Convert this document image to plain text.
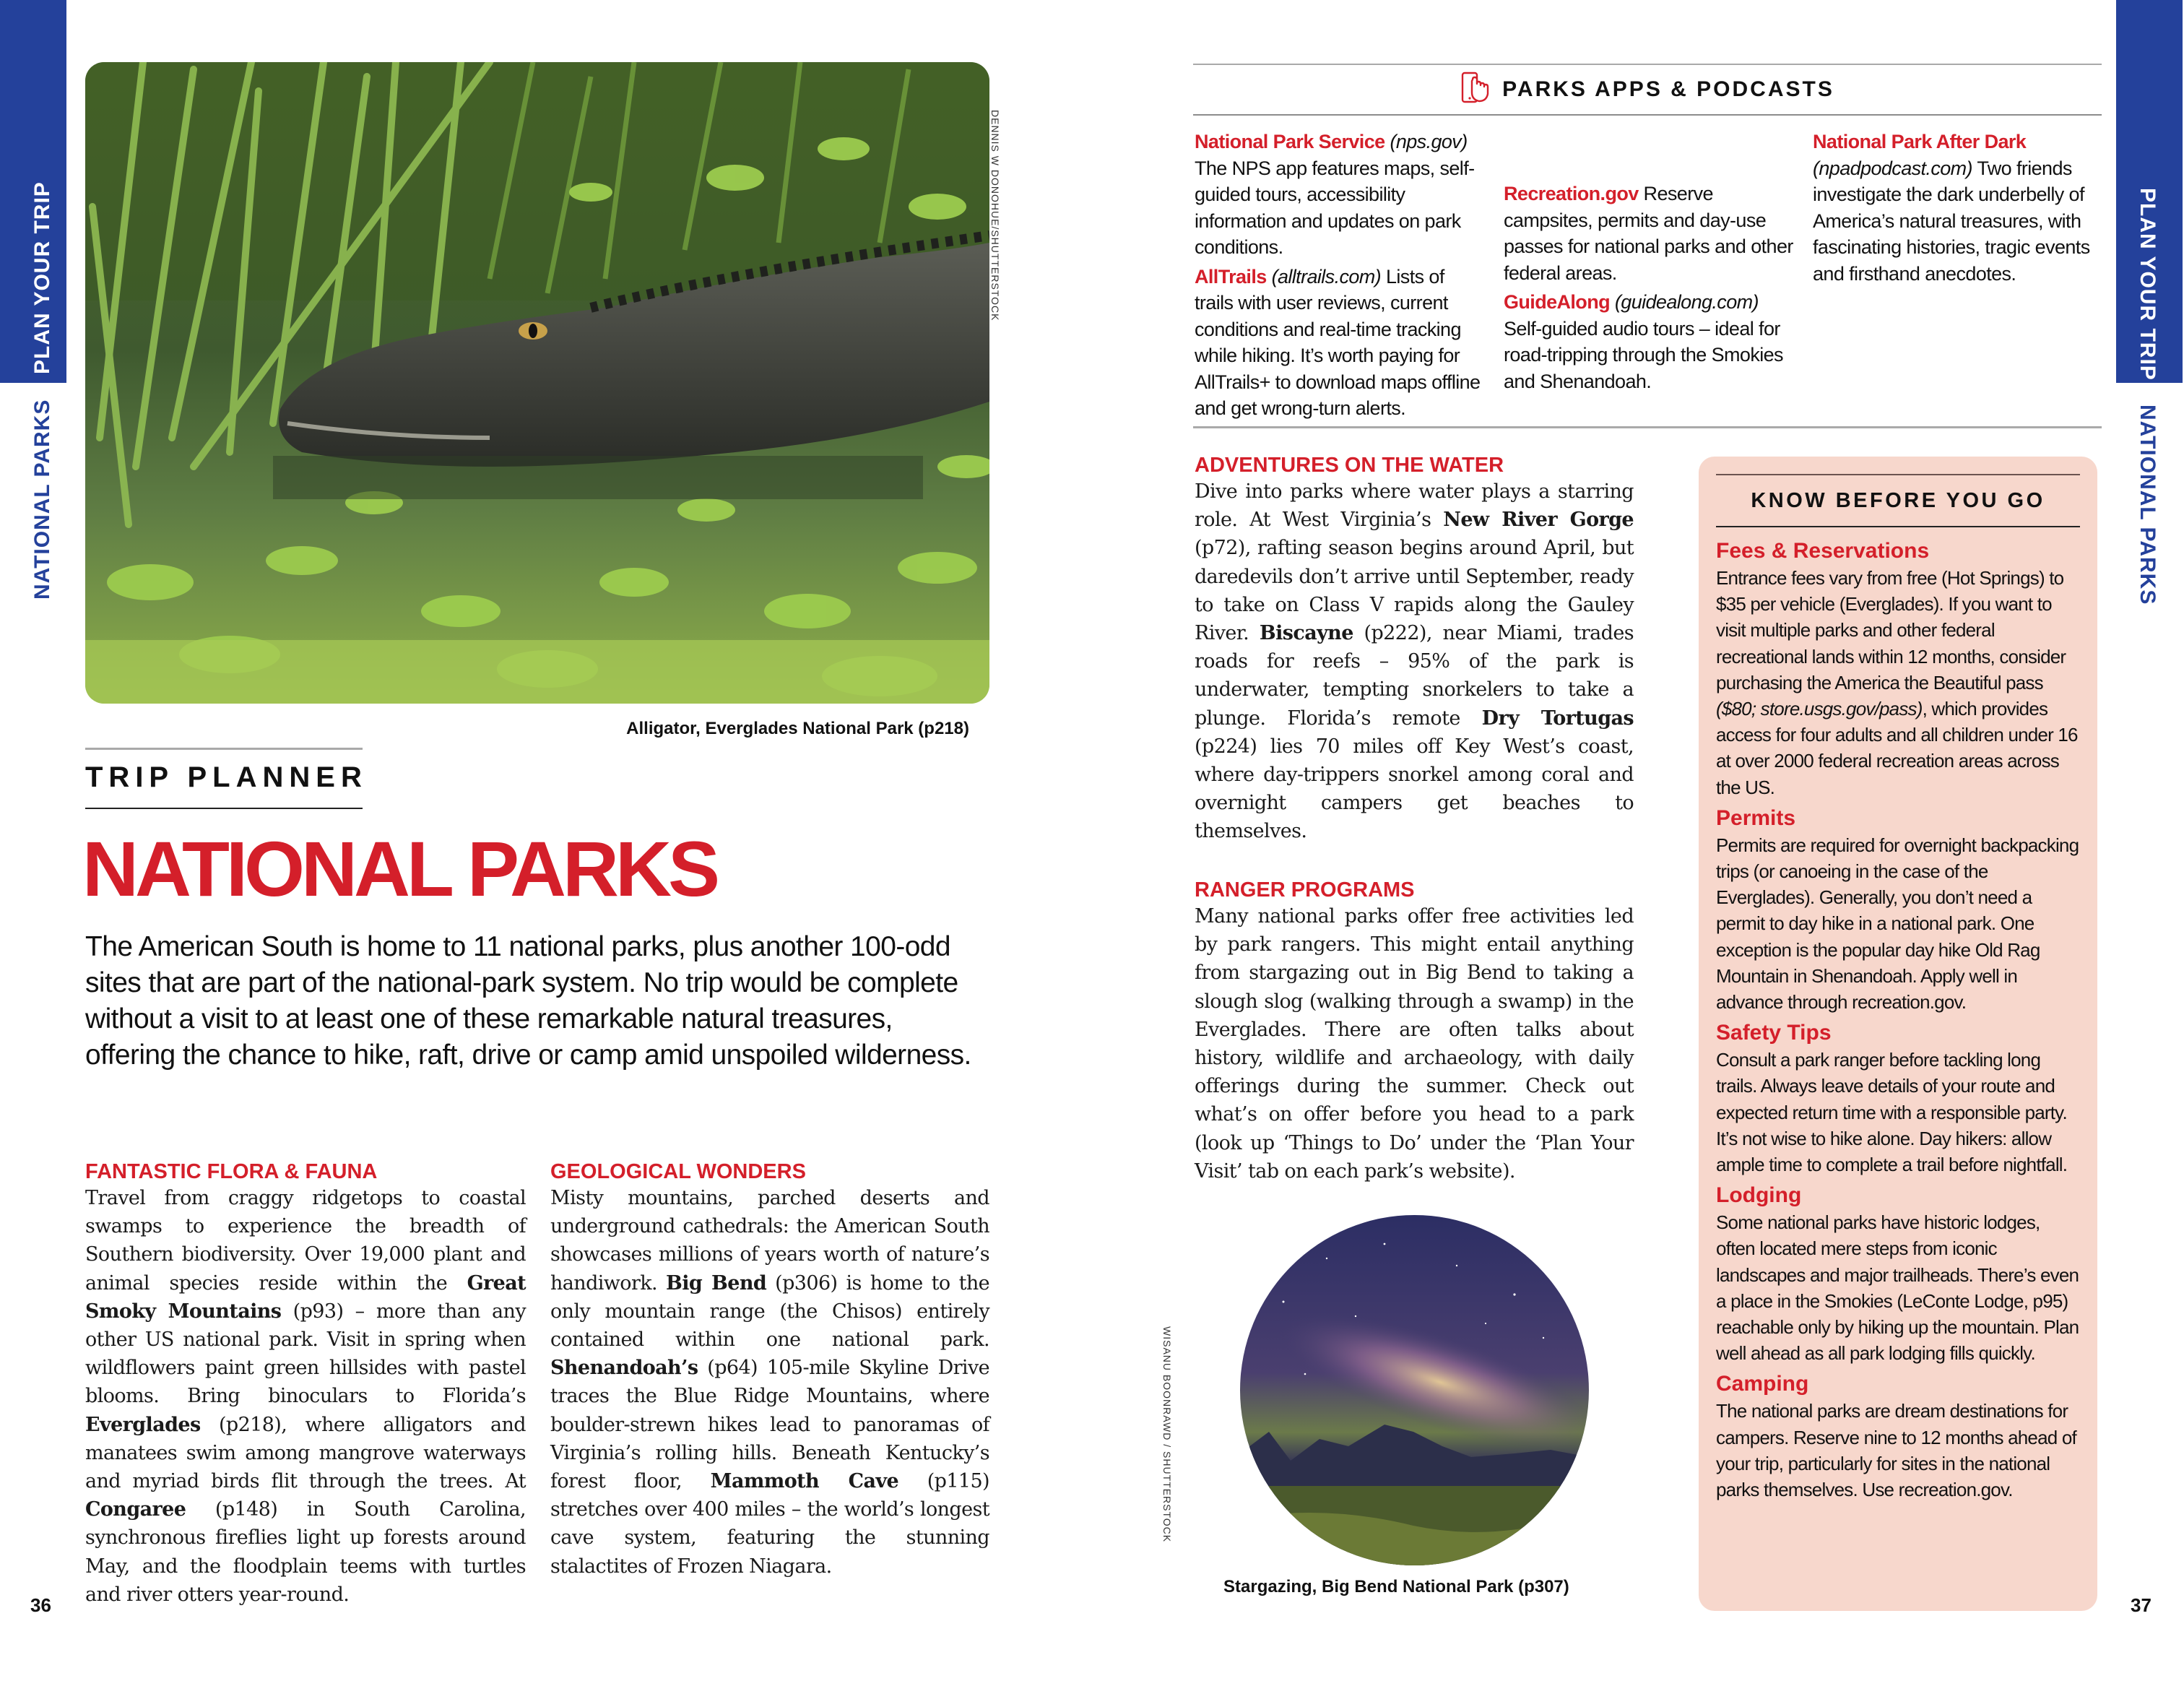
PLAN YOUR TRIP
NATIONAL PARKS
PLAN YOUR TRIP
NATIONAL PARKS
DENNIS W DONOHUE/SHUTTERSTOCK
Alligator, Everglades National Park (p218)
TRIP PLANNER
NATIONAL PARKS

The American South is home to 11 national parks, plus another 100-odd sites that are part of the national-park system. No trip would be complete without a visit to at least one of these remarkable natural treasures, offering the chance to hike, raft, drive or camp amid unspoiled wilderness.

FANTASTIC FLORA & FAUNA

Travel from craggy ridgetops to coastal swamps to experience the breadth of Southern biodiversity. Over 19,000 plant and animal species reside within the Great Smoky Mountains (p93) – more than any other US national park. Visit in spring when wildflowers paint green hillsides with pastel blooms. Bring binoculars to Florida’s Everglades (p218), where alligators and manatees swim among mangrove waterways and myriad birds flit through the trees. At Congaree (p148) in South Carolina, synchronous fireflies light up forests around May, and the floodplain teems with turtles and river otters year-round.

GEOLOGICAL WONDERS

Misty mountains, parched deserts and underground cathedrals: the American South showcases millions of years worth of nature’s handiwork. Big Bend (p306) is home to the only mountain range (the Chisos) entirely contained within one national park. Shenandoah’s (p64) 105-mile Skyline Drive traces the Blue Ridge Mountains, where boulder-strewn hikes lead to panoramas of Virginia’s rolling hills. Beneath Kentucky’s forest floor, Mammoth Cave (p115) stretches over 400 miles – the world’s longest cave system, featuring the stunning stalactites of Frozen Niagara.

36
PARKS APPS & PODCASTS

National Park Service (nps.gov) The NPS app features maps, self-guided tours, accessibility information and updates on park conditions.

AllTrails (alltrails.com) Lists of trails with user reviews, current conditions and real-time tracking while hiking. It’s worth paying for AllTrails+ to download maps offline and get wrong-turn alerts.

Recreation.gov Reserve campsites, permits and day-use passes for national parks and other federal areas.

GuideAlong (guidealong.com) Self-guided audio tours – ideal for road-tripping through the Smokies and Shenandoah.

National Park After Dark
(npadpodcast.com) Two friends investigate the dark underbelly of America’s natural treasures, with fascinating histories, tragic events and firsthand anecdotes.

ADVENTURES ON THE WATER

Dive into parks where water plays a starring role. At West Virginia’s New River Gorge (p72), rafting season begins around April, but daredevils don’t arrive until September, ready to take on Class V rapids along the Gauley River. Biscayne (p222), near Miami, trades roads for reefs – 95% of the park is underwater, tempting snorkelers to take a plunge. Florida’s remote Dry Tortugas (p224) lies 70 miles off Key West’s coast, where day-trippers snorkel among coral and overnight campers get beaches to themselves.

RANGER PROGRAMS

Many national parks offer free activities led by park rangers. This might entail anything from stargazing out in Big Bend to taking a slough slog (walking through a swamp) in the Everglades. There are often talks about history, wildlife and archaeology, with daily offerings during the summer. Check out what’s on offer before you head to a park (look up ‘Things to Do’ under the ‘Plan Your Visit’ tab on each park’s website).

WISANU BOONRAWD / SHUTTERSTOCK
Stargazing, Big Bend National Park (p307)
KNOW BEFORE YOU GO
Fees & Reservations

Entrance fees vary from free (Hot Springs) to $35 per vehicle (Everglades). If you want to visit multiple parks and other federal recreational lands within 12 months, consider purchasing the America the Beautiful pass ($80; store.usgs.gov/pass), which provides access for four adults and all children under 16 at over 2000 federal recreation areas across the US.

Permits

Permits are required for overnight backpacking trips (or canoeing in the case of the Everglades). Generally, you don’t need a permit to day hike in a national park. One exception is the popular day hike Old Rag Mountain in Shenandoah. Apply well in advance through recreation.gov.

Safety Tips

Consult a park ranger before tackling long trails. Always leave details of your route and expected return time with a responsible party. It’s not wise to hike alone. Day hikers: allow ample time to complete a trail before nightfall.

Lodging

Some national parks have historic lodges, often located mere steps from iconic landscapes and major trailheads. There’s even a place in the Smokies (LeConte Lodge, p95) reachable only by hiking up the mountain. Plan well ahead as all park lodging fills quickly.

Camping

The national parks are dream destinations for campers. Reserve nine to 12 months ahead of your trip, particularly for sites in the national parks themselves. Use recreation.gov.

37
